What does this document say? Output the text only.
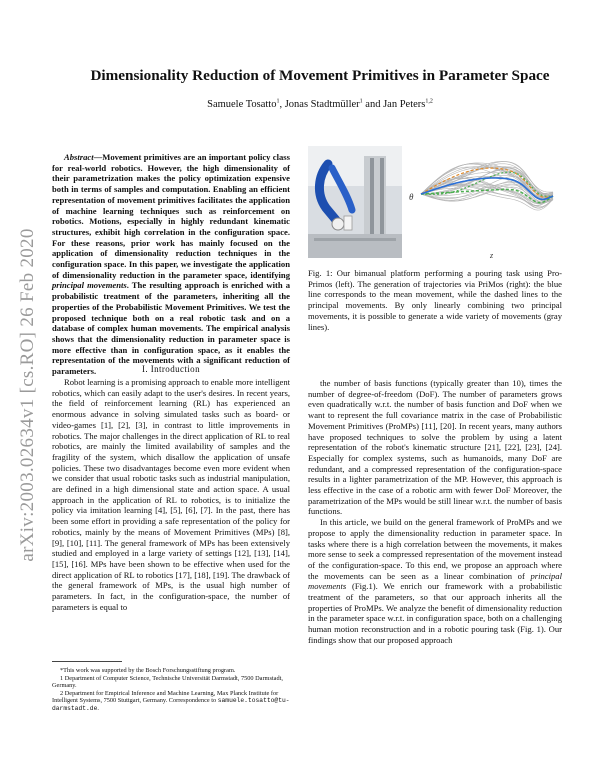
arXiv:2003.02634v1 [cs.RO] 26 Feb 2020
Dimensionality Reduction of Movement Primitives in Parameter Space
Samuele Tosatto$^1$, Jonas Stadtmüller$^1$ and Jan Peters$^{1,2}$
Abstract—Movement primitives are an important policy class for real-world robotics. However, the high dimensionality of their parametrization makes the policy optimization expensive both in terms of samples and computation. Enabling an efficient representation of movement primitives facilitates the application of machine learning techniques such as reinforcement on robotics. Motions, especially in highly redundant kinematic structures, exhibit high correlation in the configuration space. For these reasons, prior work has mainly focused on the application of dimensionality reduction techniques in the configuration space. In this paper, we investigate the application of dimensionality reduction in the parameter space, identifying principal movements. The resulting approach is enriched with a probabilistic treatment of the parameters, inheriting all the properties of the Probabilistic Movement Primitives. We test the proposed technique both on a real robotic task and on a database of complex human movements. The empirical analysis shows that the dimensionality reduction in parameter space is more effective than in configuration space, as it enables the representation of the movements with a significant reduction of parameters.	I. Introduction
Robot learning is a promising approach to enable more intelligent robotics, which can easily adapt to the user's desires. In recent years, the field of reinforcement learning (RL) has experienced an enormous advance in solving simulated tasks such as board- or video-games [1], [2], [3], in contrast to little improvements in robotics. The major challenges in the direct application of RL to real robotics, are mainly the limited availability of samples and the fragility of the system, which disallow the application of unsafe policies. These two disadvantages become even more evident when we consider that usual robotic tasks such as industrial manipulation, are defined in a high dimensional state and action space. A usual approach in the application of RL to robotics, is to initialize the policy via imitation learning [4], [5], [6], [7]. In the past, there has been some effort in providing a safe representation of the policy for robotics, mainly by the means of Movement Primitives (MPs) [8], [9], [10], [11]. The general framework of MPs has been extensively studied and employed in a large variety of settings [12], [13], [14], [15], [16]. MPs have been shown to be effective when used for the direct application of RL to robotics [17], [18], [19]. The drawback of the general framework of MPs, is the usual high number of parameters. In fact, in the configuration-space, the number of parameters is equal to

*This work was supported by the Bosch Forschungsstiftung program.

1 Department of Computer Science, Technische Universität Darmstadt, 7500 Darmstadt, Germany.

2 Department for Empirical Inference and Machine Learning, Max Planck Institute for Intelligent Systems, 7500 Stuttgart, Germany. Correspondence to samuele.tosatto@tu-darmstadt.de.

θ
z
Fig. 1: Our bimanual platform performing a pouring task using Pro-Primos (left). The generation of trajectories via PriMos (right): the blue line corresponds to the mean movement, while the dashed lines to the principal movements. By only linearly combining two principal movements, it is possible to generate a wide variety of movements (gray lines).

the number of basis functions (typically greater than 10), times the number of degree-of-freedom (DoF). The number of parameters grows even quadratically w.r.t. the number of basis function and DoF when we want to represent the full covariance matrix in the case of Probabilistic Movement Primitives (ProMPs) [11], [20]. In recent years, many authors have proposed techniques to solve the problem by using a latent representation of the robot's kinematic structure [21], [22], [23], [24]. Especially for complex systems, such as humanoids, many DoF are redundant, and a compressed representation of the configuration-space results in a lighter parametrization of the MP. However, this approach is less effective in the case of a robotic arm with fewer DoF Moreover, the parametrization of the MPs would be still linear w.r.t. the number of basis functions.

In this article, we build on the general framework of ProMPs and we propose to apply the dimensionality reduction in parameter space. In tasks where there is a high correlation between the movements, it makes more sense to seek a compressed representation of the movement instead of the configuration-space. To this end, we propose an approach where the movements can be seen as a linear combination of principal movements (Fig.1). We enrich our framework with a probabilistic treatment of the parameters, so that our approach inherits all the properties of ProMPs. We analyze the benefit of dimensionality reduction in the parameter space w.r.t. in configuration space, both on a challenging human motion reconstruction and in a robotic pouring task (Fig. 1). Our findings show that our proposed approach
